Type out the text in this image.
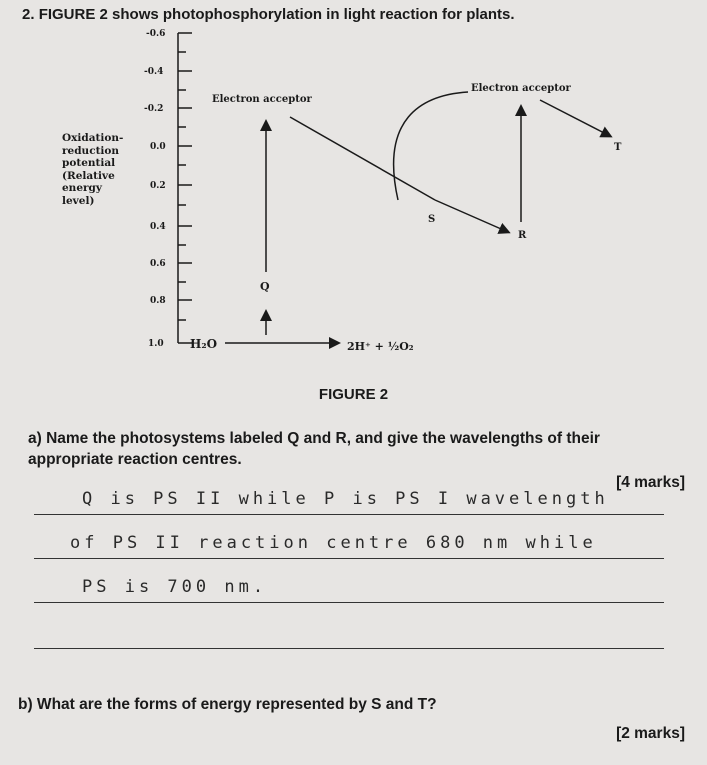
2. FIGURE 2 shows photophosphorylation in light reaction for plants.
-0.6
-0.4
-0.2
0.0
0.2
0.4
0.6
0.8
1.0
Electron acceptor
Electron acceptor
Q
S
R
T
H₂O	2H⁺ + ½O₂
Oxidation-
reduction
potential
(Relative
energy
level)
FIGURE 2
a) Name the photosystems labeled Q and R, and give the wavelengths of their appropriate reaction centres.
[4 marks]
Q is PS II while P is PS I wavelength
of PS II reaction centre 680 nm while
PS is 700 nm.
b) What are the forms of energy represented by S and T?
[2 marks]
